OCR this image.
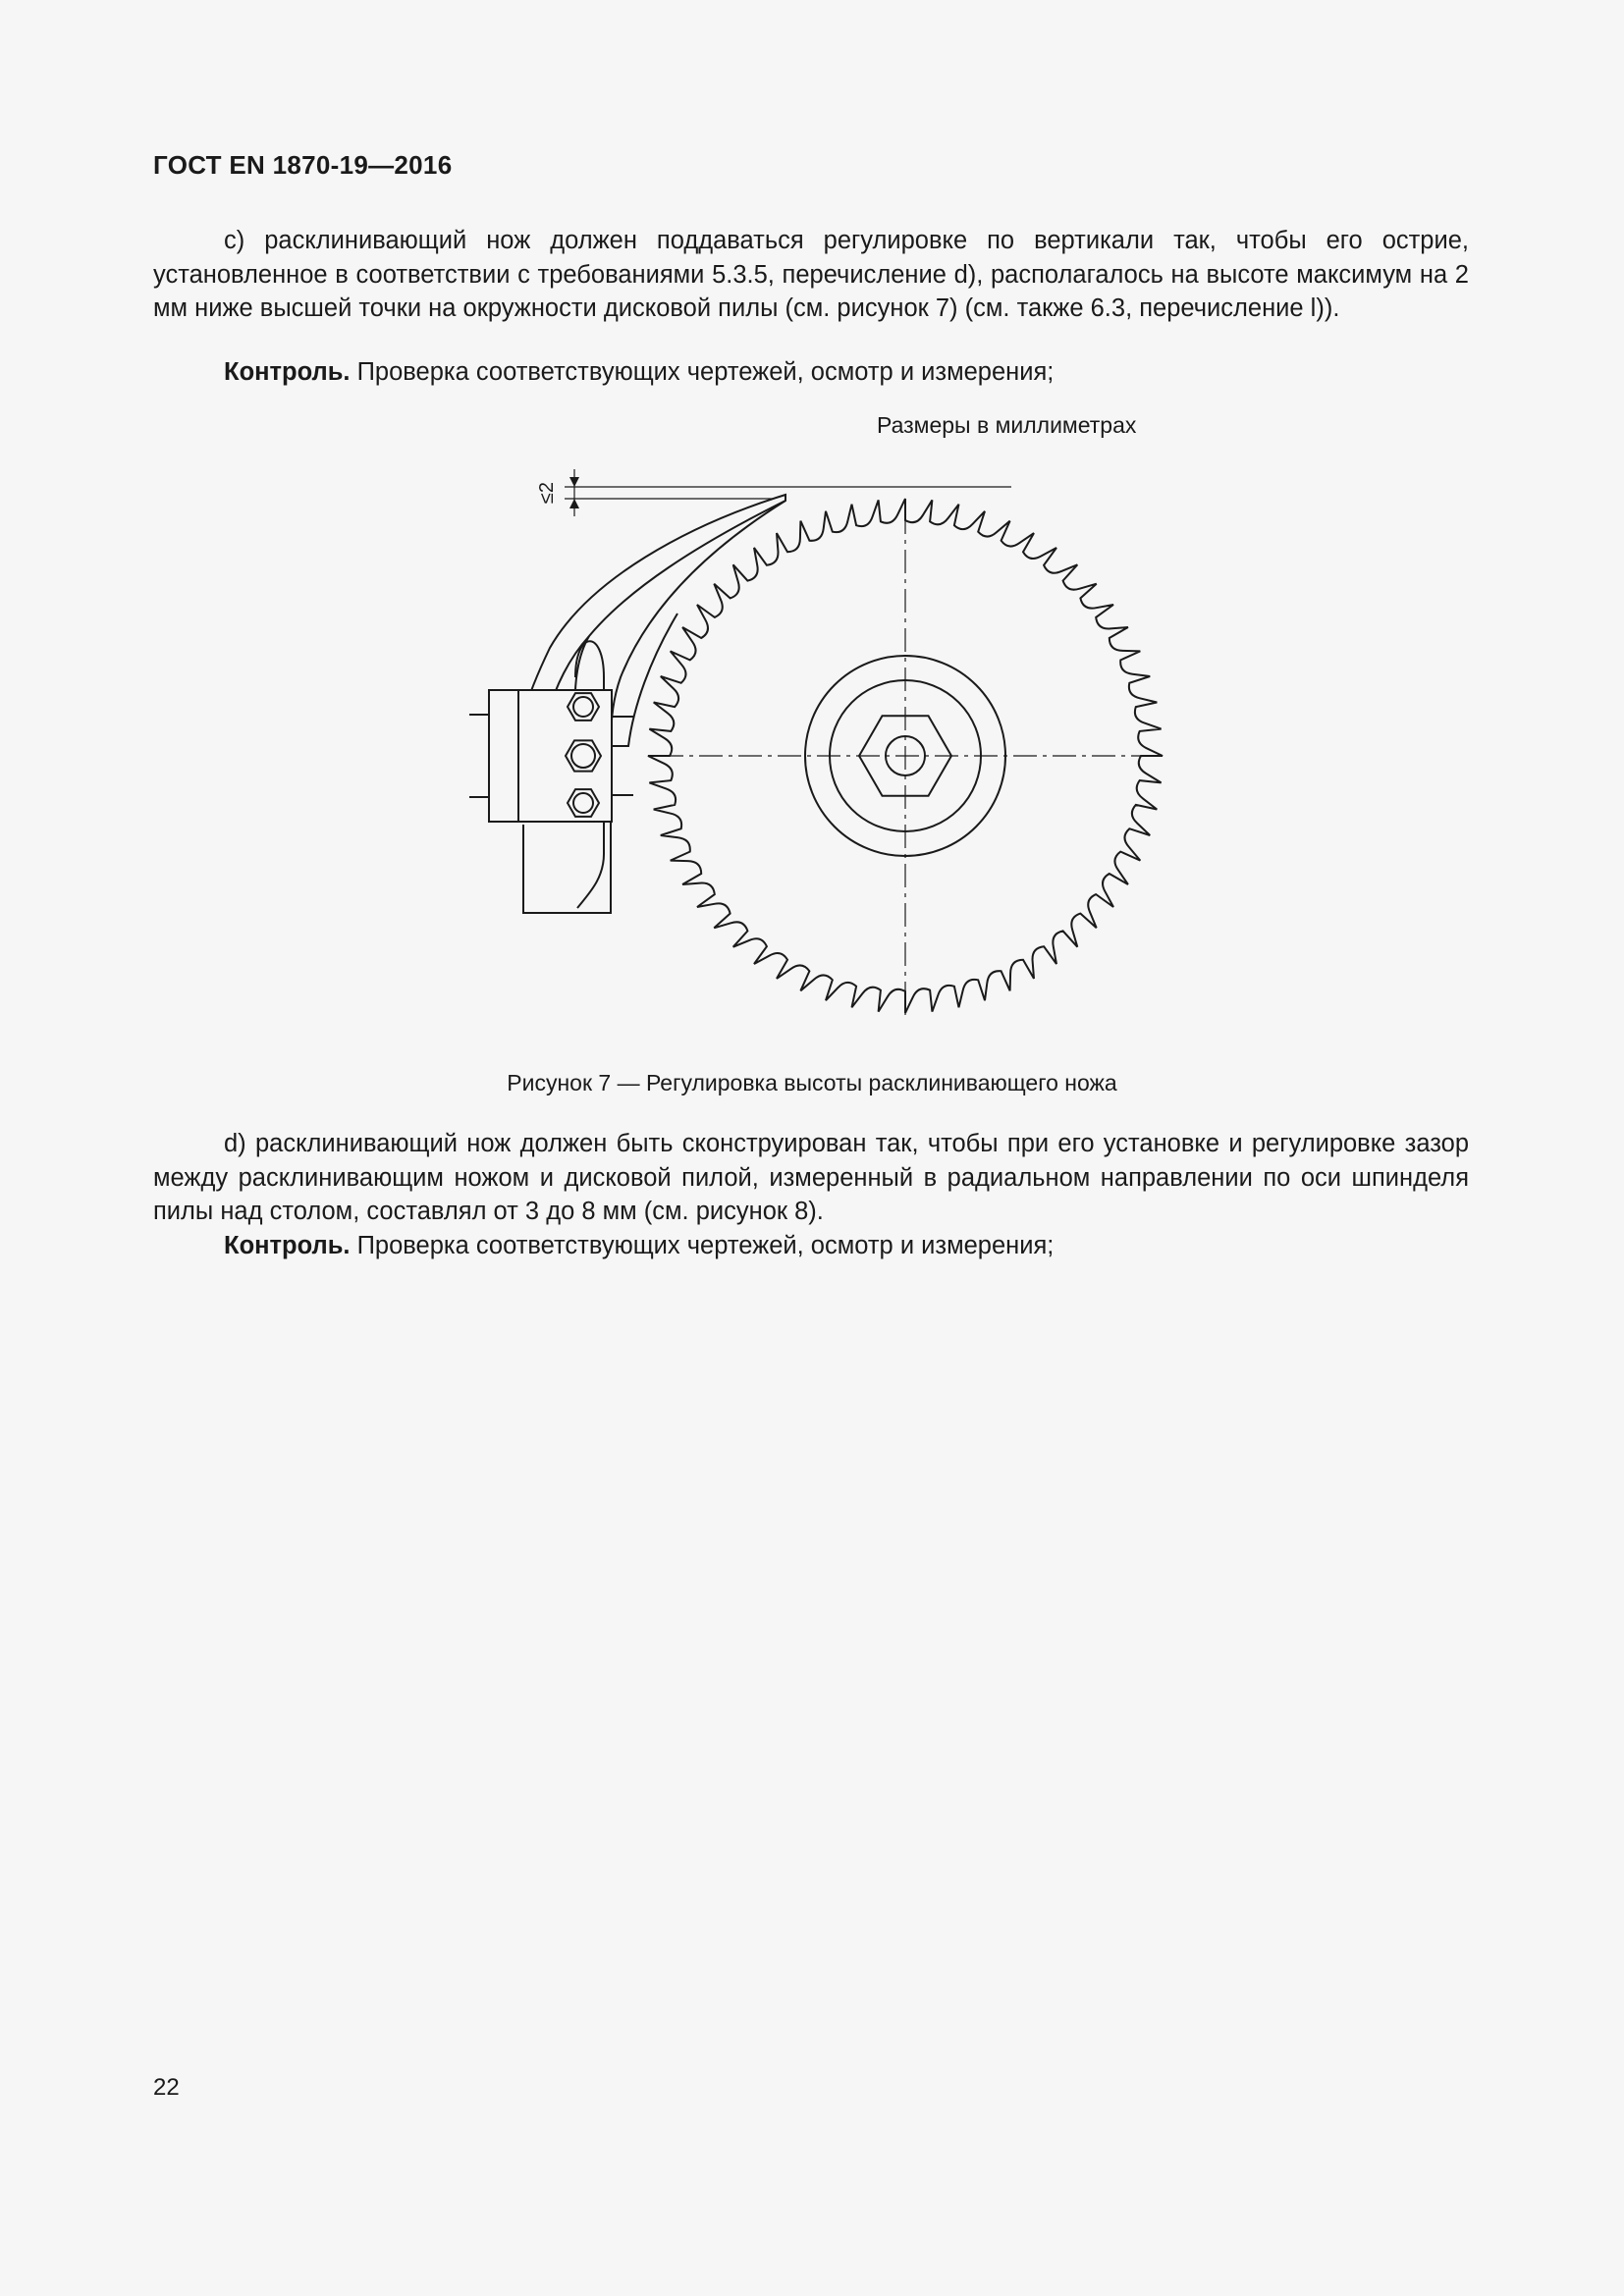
ГОСТ EN 1870-19—2016

c) расклинивающий нож должен поддаваться регулировке по вертикали так, чтобы его острие, установленное в соответствии с требованиями 5.3.5, перечисление d), располагалось на высоте максимум на 2 мм ниже высшей точки на окружности дисковой пилы (см. рисунок 7) (см. также 6.3, перечисление l)).

Контроль. Проверка соответствующих чертежей, осмотр и измерения;
Размеры в миллиметрах
≤2
Рисунок 7 — Регулировка высоты расклинивающего ножа

d) расклинивающий нож должен быть сконструирован так, чтобы при его установке и регулировке зазор между расклинивающим ножом и дисковой пилой, измеренный в радиальном направлении по оси шпинделя пилы над столом, составлял от 3 до 8 мм (см. рисунок 8).

Контроль. Проверка соответствующих чертежей, осмотр и измерения;
22
